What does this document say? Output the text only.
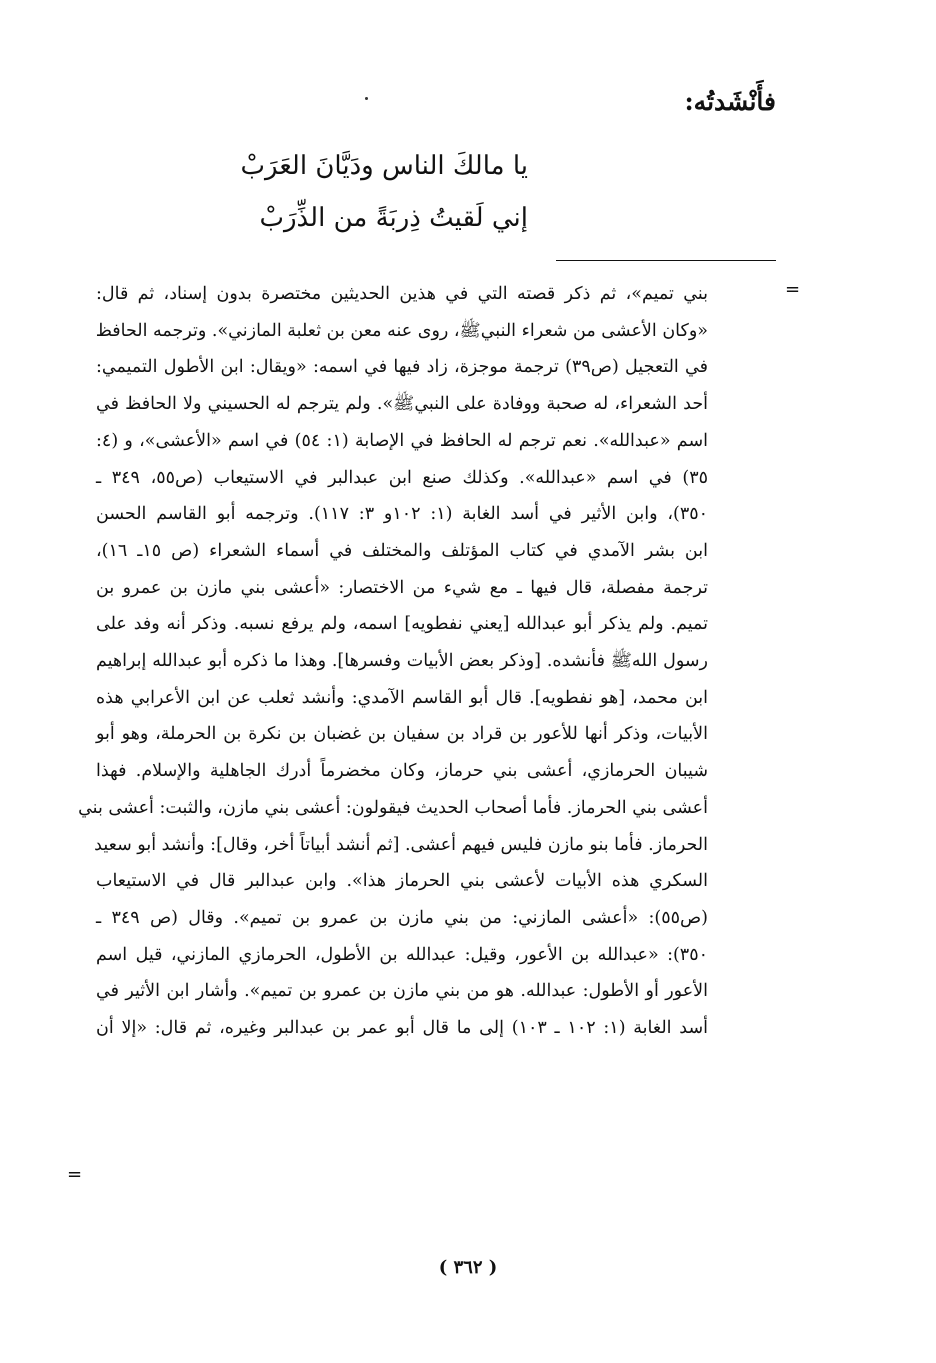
فأَنْشَدتُه:
يا مالكَ الناس ودَيَّانَ العَرَبْ
إني لَقيتُ ذِربَةً من الذِّرَبْ
=
بني تميم»، ثم ذكر قصته التي في هذين الحديثين مختصرة بدون إسناد، ثم قال:
«وكان الأعشى من شعراء النبيﷺ، روى عنه معن بن ثعلبة المازني». وترجمه الحافظ
في التعجيل (ص٣٩) ترجمة موجزة، زاد فيها في اسمه: «ويقال: ابن الأطول التميمي:
أحد الشعراء، له صحبة ووفادة على النبيﷺ». ولم يترجم له الحسيني ولا الحافظ في
اسم «عبدالله». نعم ترجم له الحافظ في الإصابة (١: ٥٤) في اسم «الأعشى»، و (٤:
٣٥) في اسم «عبدالله». وكذلك صنع ابن عبدالبر في الاستيعاب (ص٥٥، ٣٤٩ ـ
٣٥٠)، وابن الأثير في أسد الغابة (١: ١٠٢و ٣: ١١٧). وترجمه أبو القاسم الحسن
ابن بشر الآمدي في كتاب المؤتلف والمختلف في أسماء الشعراء (ص ١٥ـ ١٦)،
ترجمة مفصلة، قال فيها ـ مع شيء من الاختصار: «أعشى بني مازن بن عمرو بن
تميم. ولم يذكر أبو عبدالله [يعني نفطويه] اسمه، ولم يرفع نسبه. وذكر أنه وفد على
رسول اللهﷺ فأنشده. [وذكر بعض الأبيات وفسرها]. وهذا ما ذكره أبو عبدالله إبراهيم
ابن محمد، [هو نفطويه]. قال أبو القاسم الآمدي: وأنشد ثعلب عن ابن الأعرابي هذه
الأبيات، وذكر أنها للأعور بن قراد بن سفيان بن غضبان بن نكرة بن الحرملة، وهو أبو
شيبان الحرمازي، أعشى بني حرماز، وكان مخضرماً أدرك الجاهلية والإسلام. فهذا
أعشى بني الحرماز. فأما أصحاب الحديث فيقولون: أعشى بني مازن، والثبت: أعشى بني
الحرماز. فأما بنو مازن فليس فيهم أعشى. [ثم أنشد أبياتاً أخر، وقال]: وأنشد أبو سعيد
السكري هذه الأبيات لأعشى بني الحرماز هذا». وابن عبدالبر قال في الاستيعاب
(ص٥٥): «أعشى المازني: من بني مازن بن عمرو بن تميم». وقال (ص ٣٤٩ ـ
٣٥٠): «عبدالله بن الأعور، وقيل: عبدالله بن الأطول، الحرمازي المازني، قيل اسم
الأعور أو الأطول: عبدالله. هو من بني مازن بن عمرو بن تميم». وأشار ابن الأثير في
أسد الغابة (١: ١٠٢ ـ ١٠٣) إلى ما قال أبو عمر بن عبدالبر وغيره، ثم قال: «إلا أن
=
( ٣٦٢ )
